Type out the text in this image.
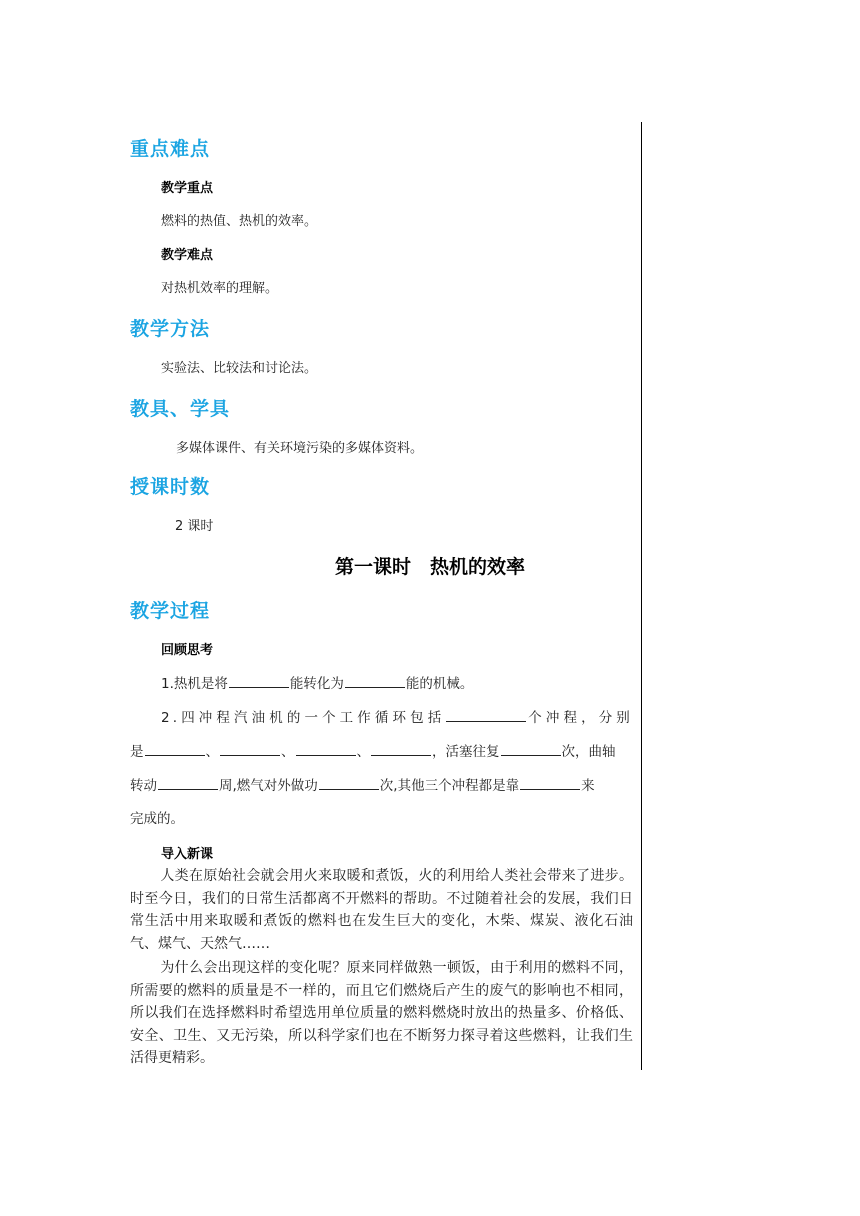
重点难点
教学重点
燃料的热值、热机的效率。
教学难点
对热机效率的理解。
教学方法
实验法、比较法和讨论法。
教具、学具
多媒体课件、有关环境污染的多媒体资料。
授课时数
2 课时
第一课时　热机的效率
教学过程
回顾思考
1.热机是将	能转化为	能的机械。
2.四冲程汽油机的一个工作循环包括	个冲程，分别
是	、	、	、	，活塞往复	次，曲轴
转动	周,燃气对外做功	次,其他三个冲程都是靠	来
完成的。
导入新课
人类在原始社会就会用火来取暖和煮饭，火的利用给人类社会带来了进步。时至今日，我们的日常生活都离不开燃料的帮助。不过随着社会的发展，我们日常生活中用来取暖和煮饭的燃料也在发生巨大的变化，木柴、煤炭、液化石油气、煤气、天然气……
为什么会出现这样的变化呢？原来同样做熟一顿饭，由于利用的燃料不同，所需要的燃料的质量是不一样的，而且它们燃烧后产生的废气的影响也不相同，所以我们在选择燃料时希望选用单位质量的燃料燃烧时放出的热量多、价格低、安全、卫生、又无污染，所以科学家们也在不断努力探寻着这些燃料，让我们生活得更精彩。
